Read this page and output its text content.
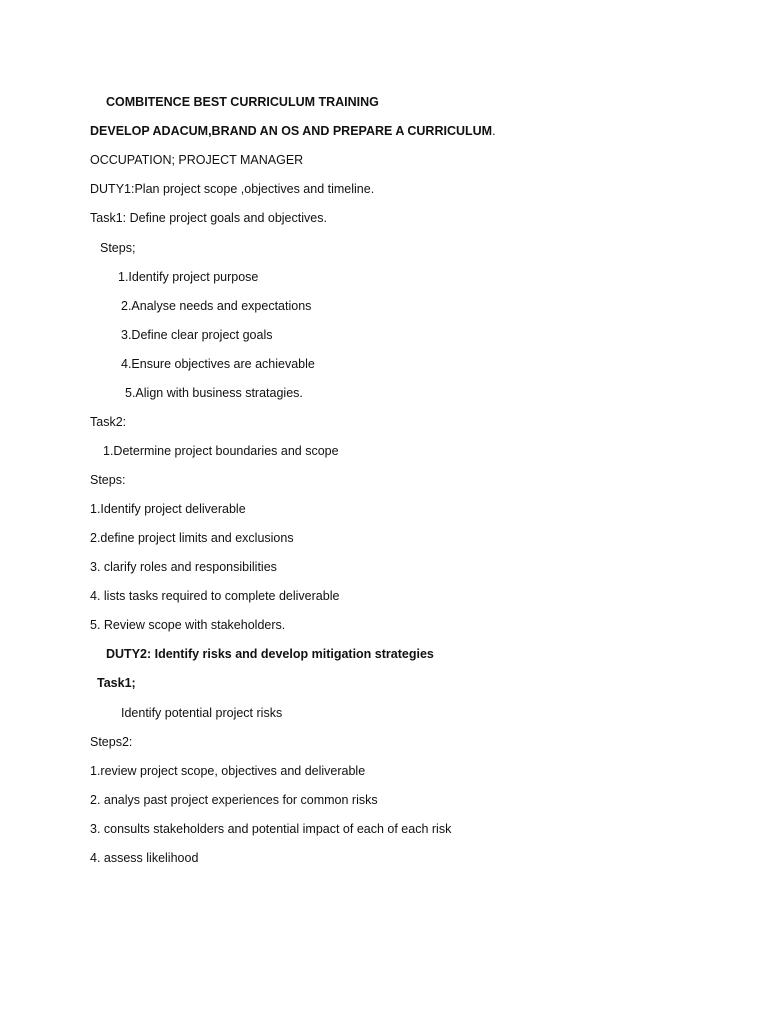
COMBITENCE BEST CURRICULUM TRAINING
DEVELOP ADACUM,BRAND AN OS AND PREPARE A CURRICULUM.
OCCUPATION; PROJECT MANAGER
DUTY1:Plan project scope ,objectives and timeline.
Task1: Define project goals and objectives.
Steps;
1.Identify project purpose
2.Analyse needs and expectations
3.Define clear project goals
4.Ensure objectives are achievable
5.Align with business stratagies.
Task2:
1.Determine project boundaries and scope
Steps:
1.Identify project deliverable
2.define project limits and exclusions
3. clarify roles and responsibilities
4. lists tasks required to complete deliverable
5. Review scope with stakeholders.
DUTY2: Identify risks and develop mitigation strategies
Task1;
Identify potential project risks
Steps2:
1.review project scope, objectives and deliverable
2. analys past project experiences for common risks
3. consults stakeholders and potential impact of each of each risk
4. assess likelihood
